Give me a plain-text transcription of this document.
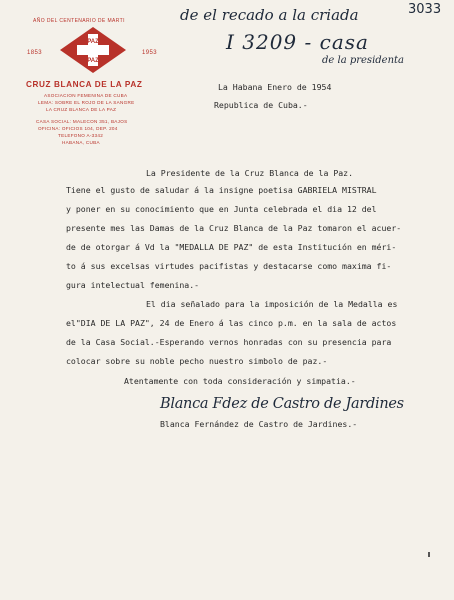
de el recado a la criada	3033
I 3209 - casa
de la presidenta
AÑO DEL CENTENARIO DE MARTI
1853	1953
PAZ
PAZ
CRUZ BLANCA DE LA PAZ
ASOCIACION FEMENINA DE CUBA
LEMA: SOBRE EL ROJO DE LA SANGRE
LA CRUZ BLANCA DE LA PAZ
CASA SOCIAL: MALECON 351, BAJOS
OFICINA: OFICIOS 104, DEP. 204
TELEFONO A-3342
HABANA, CUBA
La Habana Enero de 1954
Republica de Cuba.-
La Presidente de la Cruz Blanca de la Paz.
Tiene el gusto de saludar á la insigne poetisa GABRIELA MISTRAL
y poner en su conocimiento que en Junta celebrada el dia 12 del
presente mes las Damas de la Cruz Blanca de la Paz tomaron el acuer-
de de otorgar á Vd la "MEDALLA DE PAZ" de esta Institución en méri-
to á sus excelsas virtudes pacifistas y destacarse como maxima fi-
gura intelectual femenina.-
El dia señalado para la imposición de la Medalla es
el"DIA DE LA PAZ", 24 de Enero á las cinco p.m. en la sala de actos
de la Casa Social.-Esperando vernos honradas con su presencia para
colocar sobre su noble pecho nuestro simbolo de paz.-
Atentamente con toda consideración y simpatia.-
Blanca Fdez de Castro de Jardines
Blanca Fernández de Castro de Jardines.-
